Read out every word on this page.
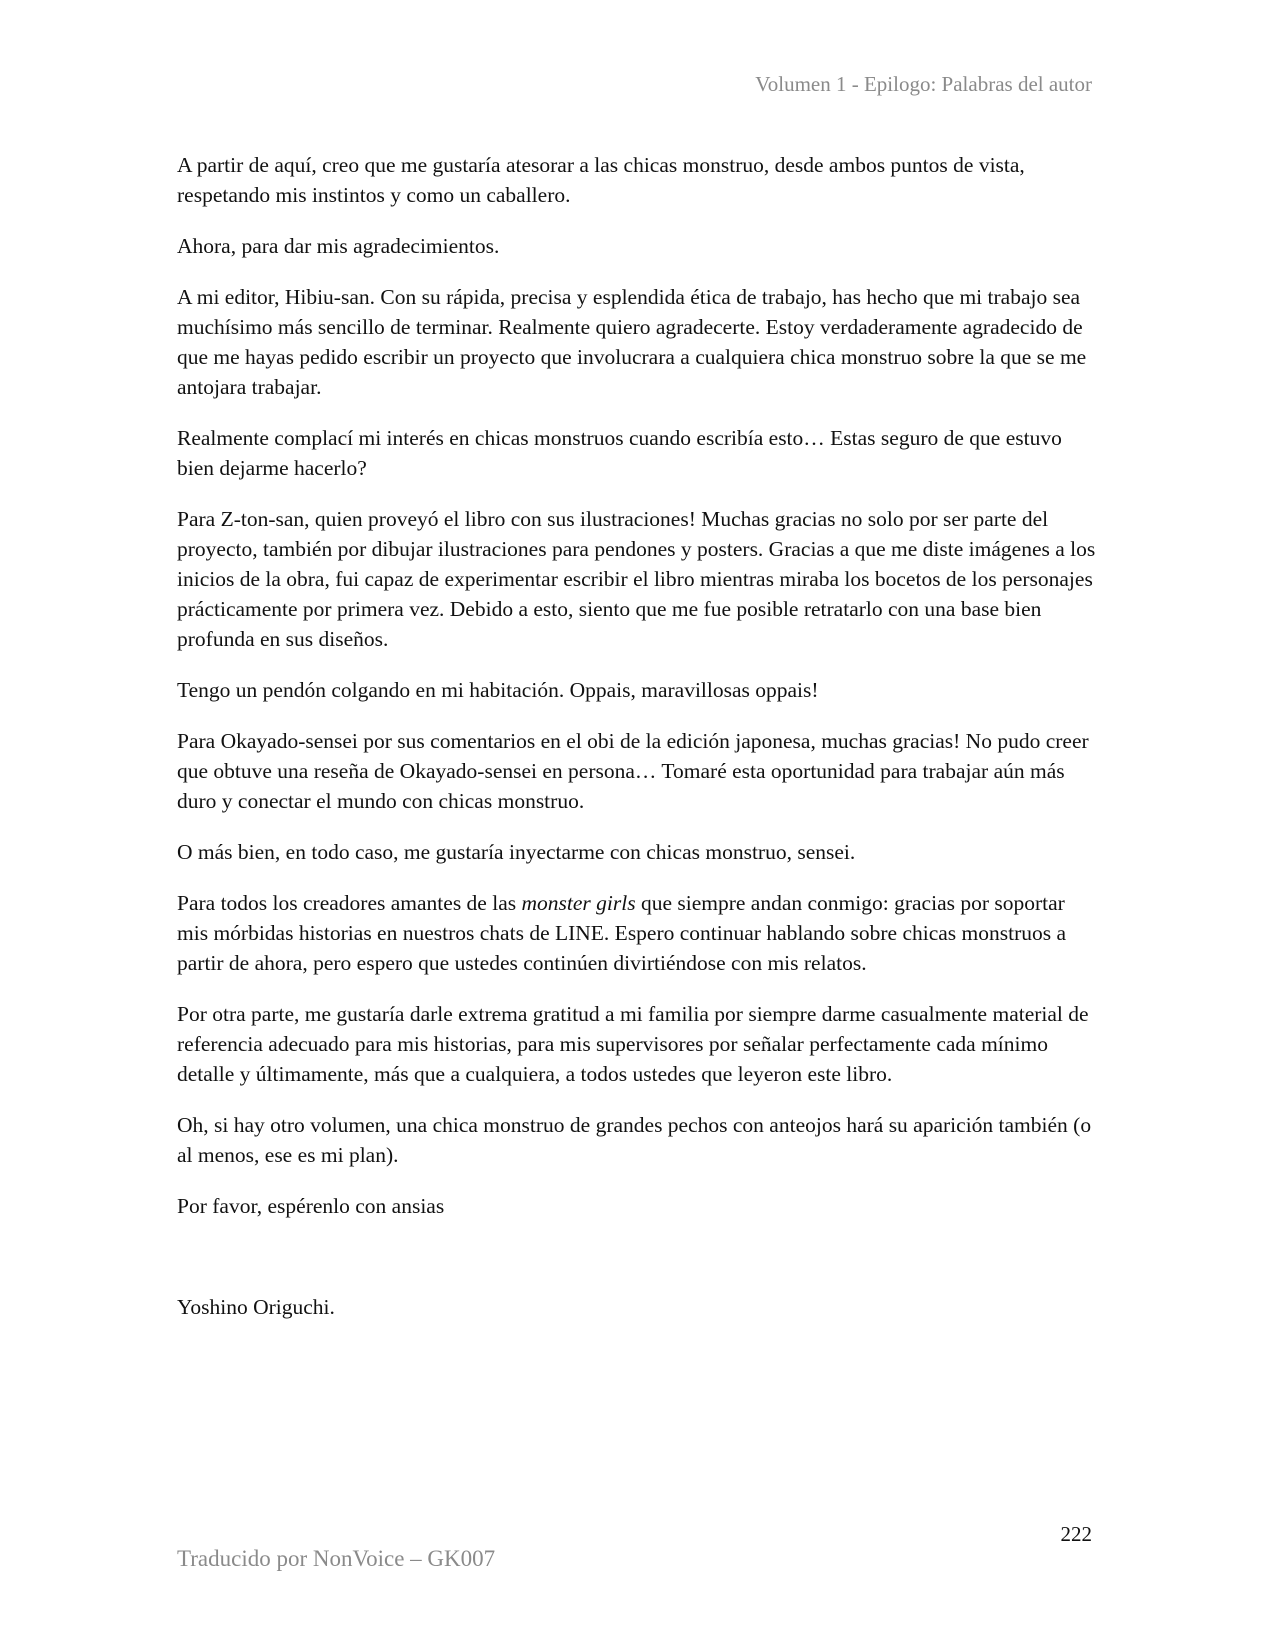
Volumen 1 - Epilogo: Palabras del autor

A partir de aquí, creo que me gustaría atesorar a las chicas monstruo, desde ambos puntos de vista, respetando mis instintos y como un caballero.

Ahora, para dar mis agradecimientos.

A mi editor, Hibiu-san. Con su rápida, precisa y esplendida ética de trabajo, has hecho que mi trabajo sea muchísimo más sencillo de terminar. Realmente quiero agradecerte. Estoy verdaderamente agradecido de que me hayas pedido escribir un proyecto que involucrara a cualquiera chica monstruo sobre la que se me antojara trabajar.

Realmente complací mi interés en chicas monstruos cuando escribía esto… Estas seguro de que estuvo bien dejarme hacerlo?

Para Z-ton-san, quien proveyó el libro con sus ilustraciones! Muchas gracias no solo por ser parte del proyecto, también por dibujar ilustraciones para pendones y posters. Gracias a que me diste imágenes a los inicios de la obra, fui capaz de experimentar escribir el libro mientras miraba los bocetos de los personajes prácticamente por primera vez. Debido a esto, siento que me fue posible retratarlo con una base bien profunda en sus diseños.

Tengo un pendón colgando en mi habitación. Oppais, maravillosas oppais!

Para Okayado-sensei por sus comentarios en el obi de la edición japonesa, muchas gracias! No pudo creer que obtuve una reseña de Okayado-sensei en persona… Tomaré esta oportunidad para trabajar aún más duro y conectar el mundo con chicas monstruo.

O más bien, en todo caso, me gustaría inyectarme con chicas monstruo, sensei.

Para todos los creadores amantes de las monster girls que siempre andan conmigo: gracias por soportar mis mórbidas historias en nuestros chats de LINE. Espero continuar hablando sobre chicas monstruos a partir de ahora, pero espero que ustedes continúen divirtiéndose con mis relatos.

Por otra parte, me gustaría darle extrema gratitud a mi familia por siempre darme casualmente material de referencia adecuado para mis historias, para mis supervisores por señalar perfectamente cada mínimo detalle y últimamente, más que a cualquiera, a todos ustedes que leyeron este libro.

Oh, si hay otro volumen, una chica monstruo de grandes pechos con anteojos hará su aparición también (o al menos, ese es mi plan).

Por favor, espérenlo con ansias

Yoshino Origuchi.
222
Traducido por NonVoice – GK007
